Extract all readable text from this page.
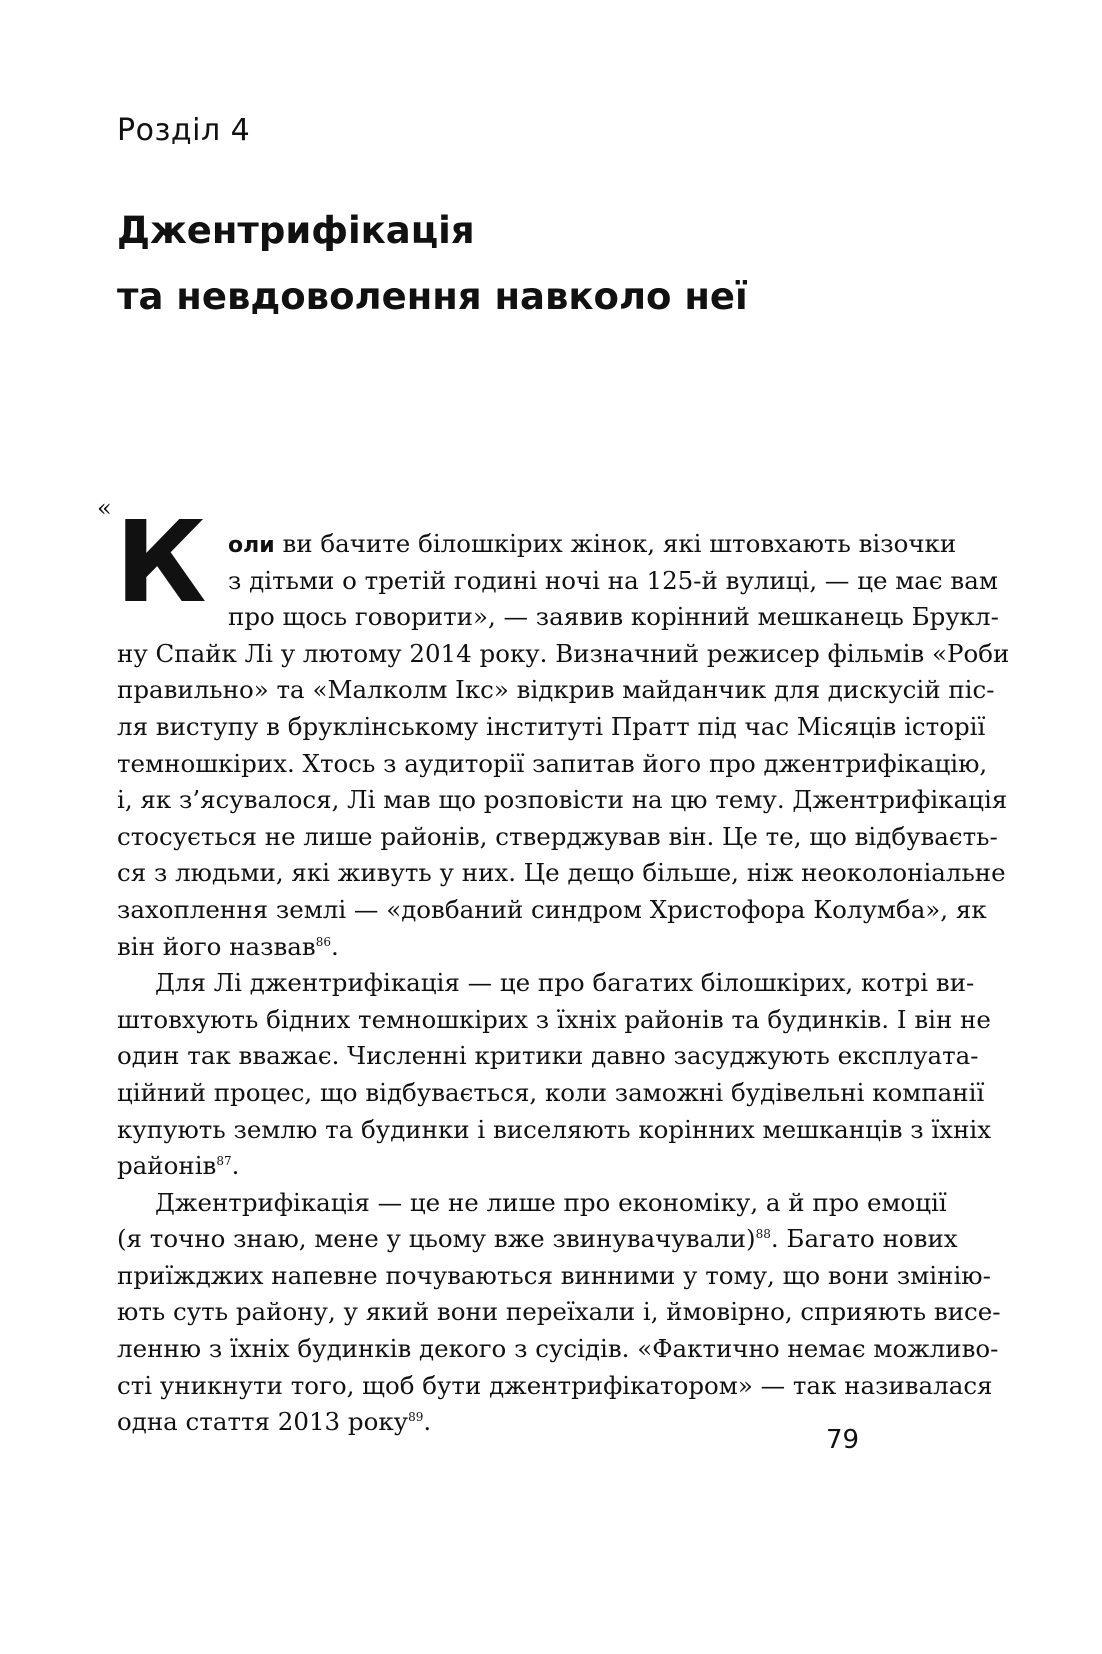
Розділ 4

Джентрифікація
та невдоволення навколо неї
« К	оли ви бачите білошкірих жінок, які штовхають візочки
з дітьми о третій годині ночі на 125-й вулиці, — це має вам
про щось говорити», — заявив корінний мешканець Брукл-
ну Спайк Лі у лютому 2014 року. Визначний режисер фільмів «Роби
правильно» та «Малколм Ікс» відкрив майданчик для дискусій піс-
ля виступу в бруклінському інституті Пратт під час Місяців історії
темношкірих. Хтось з аудиторії запитав його про джентрифікацію,
і, як з’ясувалося, Лі мав що розповісти на цю тему. Джентрифікація
стосується не лише районів, стверджував він. Це те, що відбуваєть-
ся з людьми, які живуть у них. Це дещо більше, ніж неоколоніальне
захоплення землі — «довбаний синдром Христофора Колумба», як
він його назвав$^{86}$.
Для Лі джентрифікація — це про багатих білошкірих, котрі ви-
штовхують бідних темношкірих з їхніх районів та будинків. І він не
один так вважає. Численні критики давно засуджують експлуата-
ційний процес, що відбувається, коли заможні будівельні компанії
купують землю та будинки і виселяють корінних мешканців з їхніх
районів$^{87}$.
Джентрифікація — це не лише про економіку, а й про емоції
(я точно знаю, мене у цьому вже звинувачували)$^{88}$. Багато нових
приїжджих напевне почуваються винними у тому, що вони змінію-
ють суть району, у який вони переїхали і, ймовірно, сприяють висе-
ленню з їхніх будинків декого з сусідів. «Фактично немає можливо-
сті уникнути того, щоб бути джентрифікатором» — так називалася
одна стаття 2013 року$^{89}$.

79
